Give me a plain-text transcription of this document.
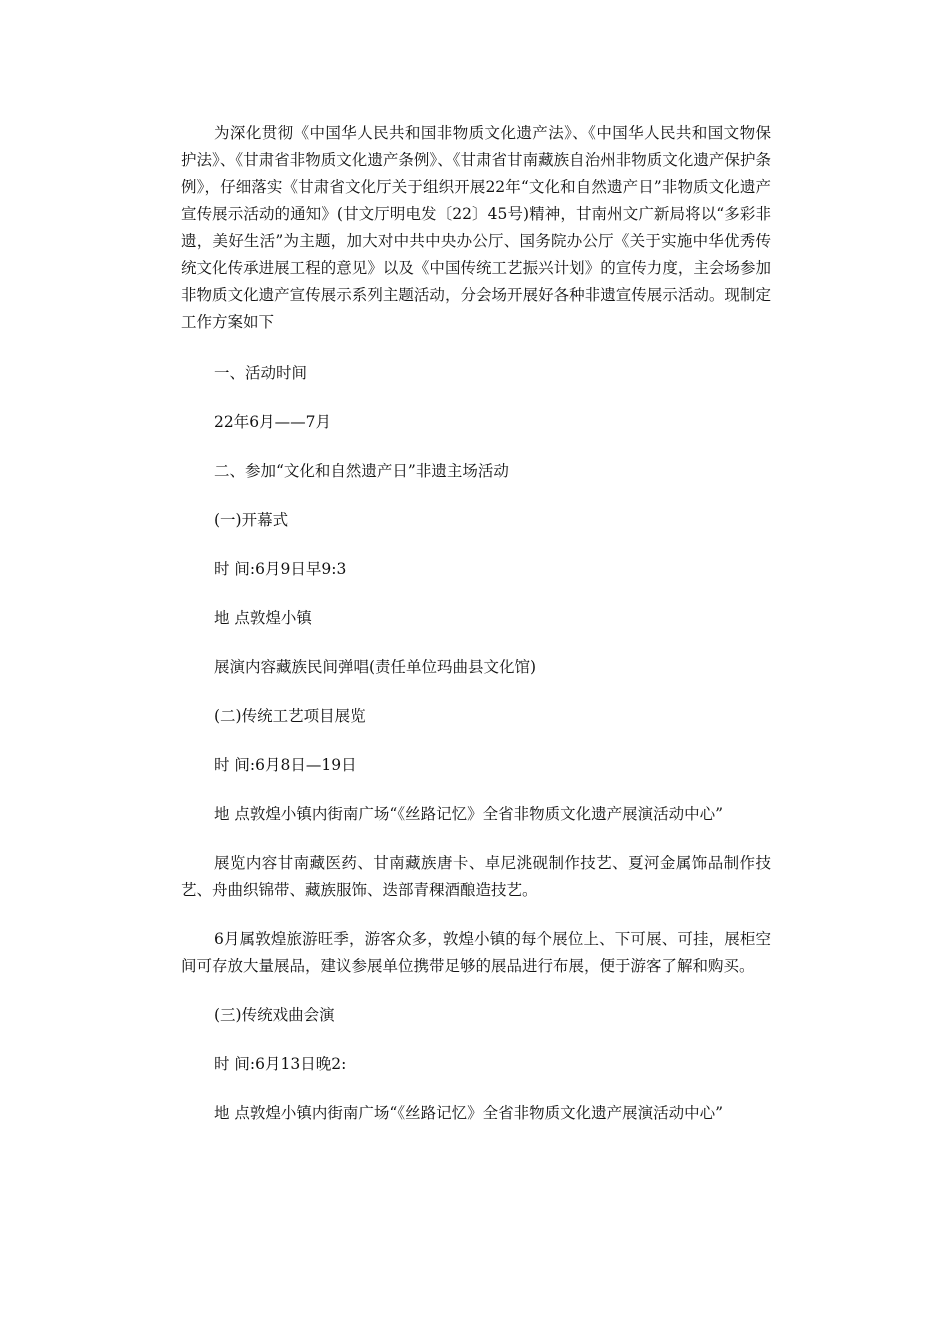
为深化贯彻《中国华人民共和国非物质文化遗产法》、《中国华人民共和国文物保护法》、《甘肃省非物质文化遗产条例》、《甘肃省甘南藏族自治州非物质文化遗产保护条例》，仔细落实《甘肃省文化厅关于组织开展22年“文化和自然遗产日”非物质文化遗产宣传展示活动的通知》(甘文厅明电发〔22〕45号)精神，甘南州文广新局将以“多彩非遗，美好生活”为主题，加大对中共中央办公厅、国务院办公厅《关于实施中华优秀传统文化传承进展工程的意见》以及《中国传统工艺振兴计划》的宣传力度，主会场参加非物质文化遗产宣传展示系列主题活动，分会场开展好各种非遗宣传展示活动。现制定工作方案如下

一、活动时间

22年6月——7月

二、参加“文化和自然遗产日”非遗主场活动

(一)开幕式

时 间:6月9日早9:3

地 点敦煌小镇

展演内容藏族民间弹唱(责任单位玛曲县文化馆)

(二)传统工艺项目展览

时 间:6月8日—19日

地 点敦煌小镇内街南广场“《丝路记忆》全省非物质文化遗产展演活动中心”

展览内容甘南藏医药、甘南藏族唐卡、卓尼洮砚制作技艺、夏河金属饰品制作技艺、舟曲织锦带、藏族服饰、迭部青稞酒酿造技艺。

6月属敦煌旅游旺季，游客众多，敦煌小镇的每个展位上、下可展、可挂，展柜空间可存放大量展品，建议参展单位携带足够的展品进行布展，便于游客了解和购买。

(三)传统戏曲会演

时 间:6月13日晚2:

地 点敦煌小镇内街南广场“《丝路记忆》全省非物质文化遗产展演活动中心”
